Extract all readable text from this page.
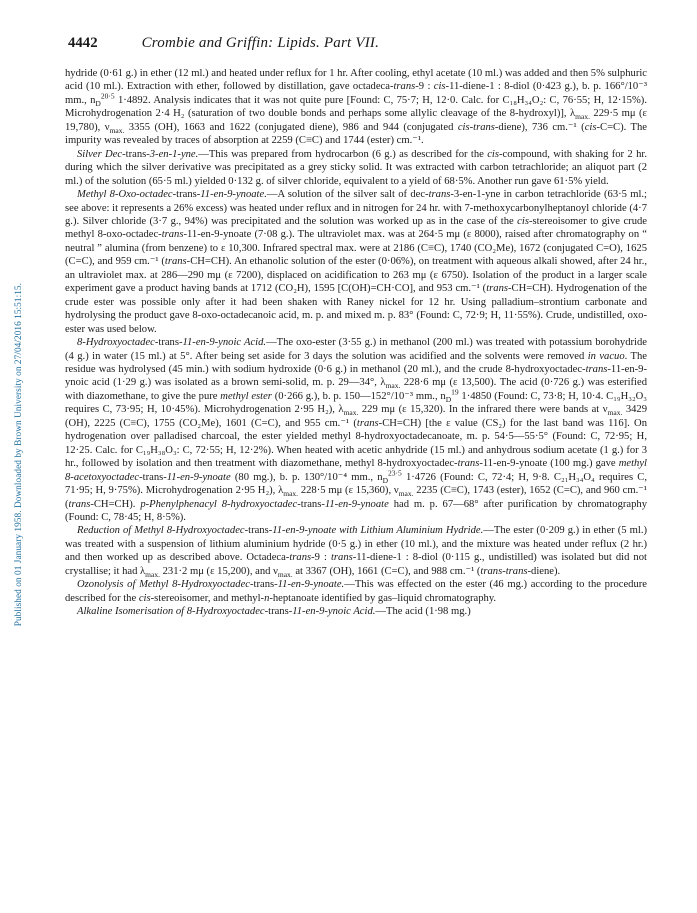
Published on 01 January 1958. Downloaded by Brown University on 27/04/2016 15:51:15.
4442	Crombie and Griffin: Lipids. Part VII.

hydride (0·61 g.) in ether (12 ml.) and heated under reflux for 1 hr. After cooling, ethyl acetate (10 ml.) was added and then 5% sulphuric acid (10 ml.). Extraction with ether, followed by distillation, gave octadeca-trans-9 : cis-11-diene-1 : 8-diol (0·423 g.), b. p. 166°/10⁻³ mm., $n_D^{20\cdot 5}$ 1·4892. Analysis indicates that it was not quite pure [Found: C, 75·7; H, 12·0. Calc. for C₁₈H₃₄O₂: C, 76·55; H, 12·15%). Microhydrogenation 2·4 H₂ (saturation of two double bonds and perhaps some allylic cleavage of the 8-hydroxyl)], $\lambda_{max.}$ 229·5 mμ (ε 19,780), $\nu_{max.}$ 3355 (OH), 1663 and 1622 (conjugated diene), 986 and 944 (conjugated cis-trans-diene), 736 cm.⁻¹ (cis-C=C). The impurity was revealed by traces of absorption at 2259 (C≡C) and 1744 (ester) cm.⁻¹.

Silver Dec-trans-3-en-1-yne.—This was prepared from hydrocarbon (6 g.) as described for the cis-compound, with shaking for 2 hr. during which the silver derivative was precipitated as a grey sticky solid. It was extracted with carbon tetrachloride; an aliquot part (2 ml.) of the solution (65·5 ml.) yielded 0·132 g. of silver chloride, equivalent to a yield of 68·5%. Another run gave 61·5% yield.

Methyl 8-Oxo-octadec-trans-11-en-9-ynoate.—A solution of the silver salt of dec-trans-3-en-1-yne in carbon tetrachloride (63·5 ml.; see above: it represents a 26% excess) was heated under reflux and in nitrogen for 24 hr. with 7-methoxycarbonylheptanoyl chloride (4·7 g.). Silver chloride (3·7 g., 94%) was precipitated and the solution was worked up as in the case of the cis-stereoisomer to give crude methyl 8-oxo-octadec-trans-11-en-9-ynoate (7·08 g.). The ultraviolet max. was at 264·5 mμ (ε 8000), raised after chromatography on “ neutral ” alumina (from benzene) to ε 10,300. Infrared spectral max. were at 2186 (C≡C), 1740 (CO₂Me), 1672 (conjugated C=O), 1625 (C=C), and 959 cm.⁻¹ (trans-CH=CH). An ethanolic solution of the ester (0·06%), on treatment with aqueous alkali showed, after 24 hr., an ultraviolet max. at 286—290 mμ (ε 7200), displaced on acidification to 263 mμ (ε 6750). Isolation of the product in a larger scale experiment gave a product having bands at 1712 (CO₂H), 1595 [C(OH)=CH·CO], and 953 cm.⁻¹ (trans-CH=CH). Hydrogenation of the crude ester was possible only after it had been shaken with Raney nickel for 12 hr. Using palladium–strontium carbonate and hydrolysing the product gave 8-oxo-octadecanoic acid, m. p. and mixed m. p. 83° (Found: C, 72·9; H, 11·55%). Crude, undistilled, oxo-ester was used below.

8-Hydroxyoctadec-trans-11-en-9-ynoic Acid.—The oxo-ester (3·55 g.) in methanol (200 ml.) was treated with potassium borohydride (4 g.) in water (15 ml.) at 5°. After being set aside for 3 days the solution was acidified and the solvents were removed in vacuo. The residue was hydrolysed (45 min.) with sodium hydroxide (0·6 g.) in methanol (20 ml.), and the crude 8-hydroxyoctadec-trans-11-en-9-ynoic acid (1·29 g.) was isolated as a brown semi-solid, m. p. 29—34°, $\lambda_{max.}$ 228·6 mμ (ε 13,500). The acid (0·726 g.) was esterified with diazomethane, to give the pure methyl ester (0·266 g.), b. p. 150—152°/10⁻³ mm., $n_D^{19}$ 1·4850 (Found: C, 73·8; H, 10·4. C₁₉H₃₂O₃ requires C, 73·95; H, 10·45%). Microhydrogenation 2·95 H₂), $\lambda_{max.}$ 229 mμ (ε 15,320). In the infrared there were bands at $\nu_{max.}$ 3429 (OH), 2225 (C≡C), 1755 (CO₂Me), 1601 (C=C), and 955 cm.⁻¹ (trans-CH=CH) [the ε value (CS₂) for the last band was 116]. On hydrogenation over palladised charcoal, the ester yielded methyl 8-hydroxyoctadecanoate, m. p. 54·5—55·5° (Found: C, 72·95; H, 12·25. Calc. for C₁₉H₃₈O₃: C, 72·55; H, 12·2%). When heated with acetic anhydride (15 ml.) and anhydrous sodium acetate (1 g.) for 3 hr., followed by isolation and then treatment with diazomethane, methyl 8-hydroxyoctadec-trans-11-en-9-ynoate (100 mg.) gave methyl 8-acetoxyoctadec-trans-11-en-9-ynoate (80 mg.), b. p. 130°/10⁻⁴ mm., $n_D^{23\cdot 5}$ 1·4726 (Found: C, 72·4; H, 9·8. C₂₁H₃₄O₄ requires C, 71·95; H, 9·75%). Microhydrogenation 2·95 H₂), $\lambda_{max.}$ 228·5 mμ (ε 15,360), $\nu_{max.}$ 2235 (C≡C), 1743 (ester), 1652 (C=C), and 960 cm.⁻¹ (trans-CH=CH). p-Phenylphenacyl 8-hydroxyoctadec-trans-11-en-9-ynoate had m. p. 67—68° after purification by chromatography (Found: C, 78·45; H, 8·5%).

Reduction of Methyl 8-Hydroxyoctadec-trans-11-en-9-ynoate with Lithium Aluminium Hydride.—The ester (0·209 g.) in ether (5 ml.) was treated with a suspension of lithium aluminium hydride (0·5 g.) in ether (10 ml.), and the mixture was heated under reflux (2 hr.) and then worked up as described above. Octadeca-trans-9 : trans-11-diene-1 : 8-diol (0·115 g., undistilled) was isolated but did not crystallise; it had $\lambda_{max.}$ 231·2 mμ (ε 15,200), and $\nu_{max.}$ at 3367 (OH), 1661 (C=C), and 988 cm.⁻¹ (trans-trans-diene).

Ozonolysis of Methyl 8-Hydroxyoctadec-trans-11-en-9-ynoate.—This was effected on the ester (46 mg.) according to the procedure described for the cis-stereoisomer, and methyl-n-heptanoate identified by gas–liquid chromatography.

Alkaline Isomerisation of 8-Hydroxyoctadec-trans-11-en-9-ynoic Acid.—The acid (1·98 mg.)
